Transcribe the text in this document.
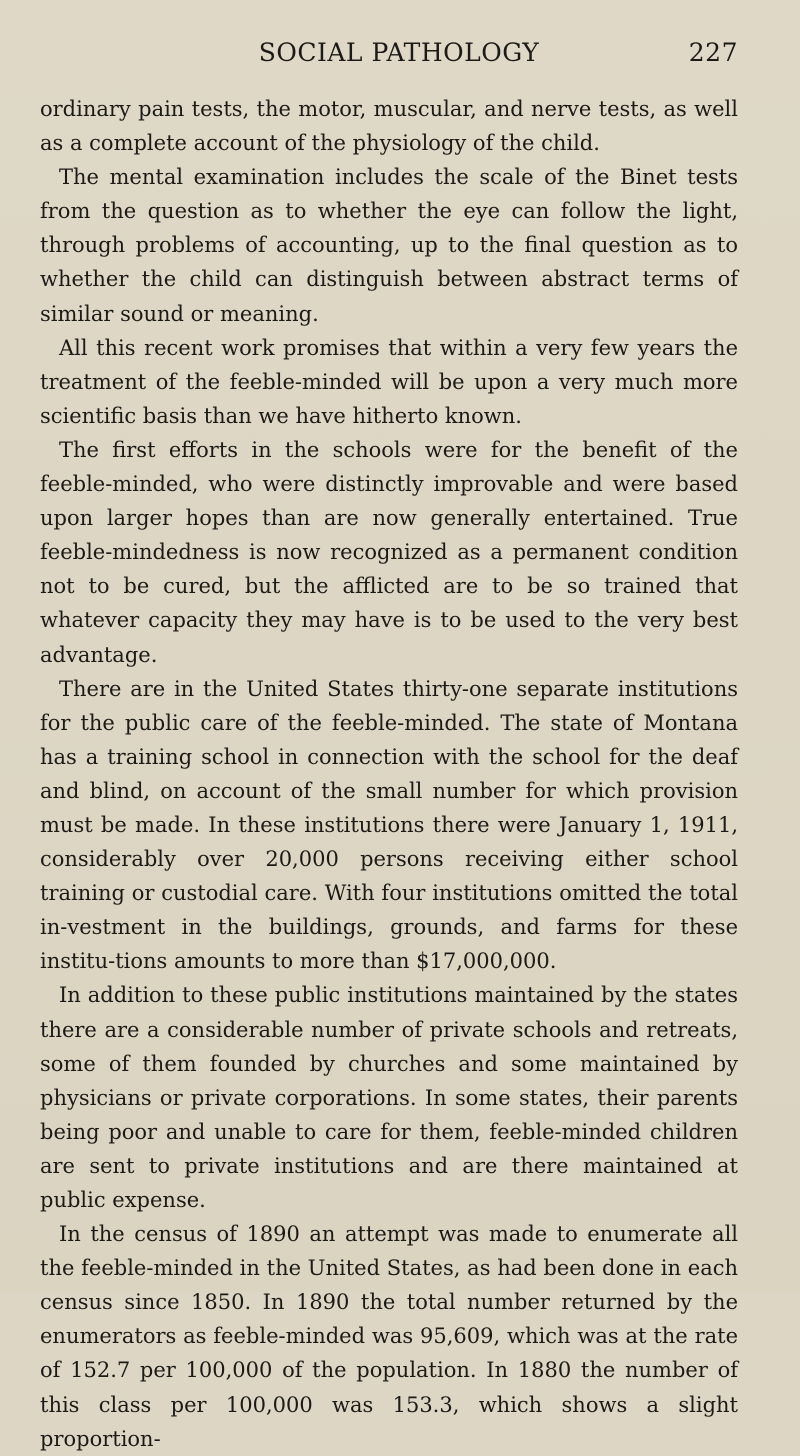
SOCIAL PATHOLOGY	227

ordinary pain tests, the motor, muscular, and nerve tests, as well as a complete account of the physiology of the child.

The mental examination includes the scale of the Binet tests from the question as to whether the eye can follow the light, through problems of accounting, up to the final question as to whether the child can distinguish between abstract terms of similar sound or meaning.

All this recent work promises that within a very few years the treatment of the feeble-minded will be upon a very much more scientific basis than we have hitherto known.

The first efforts in the schools were for the benefit of the feeble-minded, who were distinctly improvable and were based upon larger hopes than are now generally entertained. True feeble-mindedness is now recognized as a permanent condition not to be cured, but the afflicted are to be so trained that whatever capacity they may have is to be used to the very best advantage.

There are in the United States thirty-one separate institutions for the public care of the feeble-minded. The state of Montana has a training school in connection with the school for the deaf and blind, on account of the small number for which provision must be made. In these institutions there were January 1, 1911, considerably over 20,000 persons receiving either school training or custodial care. With four institutions omitted the total in-vestment in the buildings, grounds, and farms for these institu-tions amounts to more than $17,000,000.

In addition to these public institutions maintained by the states there are a considerable number of private schools and retreats, some of them founded by churches and some maintained by physicians or private corporations. In some states, their parents being poor and unable to care for them, feeble-minded children are sent to private institutions and are there maintained at public expense.

In the census of 1890 an attempt was made to enumerate all the feeble-minded in the United States, as had been done in each census since 1850. In 1890 the total number returned by the enumerators as feeble-minded was 95,609, which was at the rate of 152.7 per 100,000 of the population. In 1880 the number of this class per 100,000 was 153.3, which shows a slight proportion-
